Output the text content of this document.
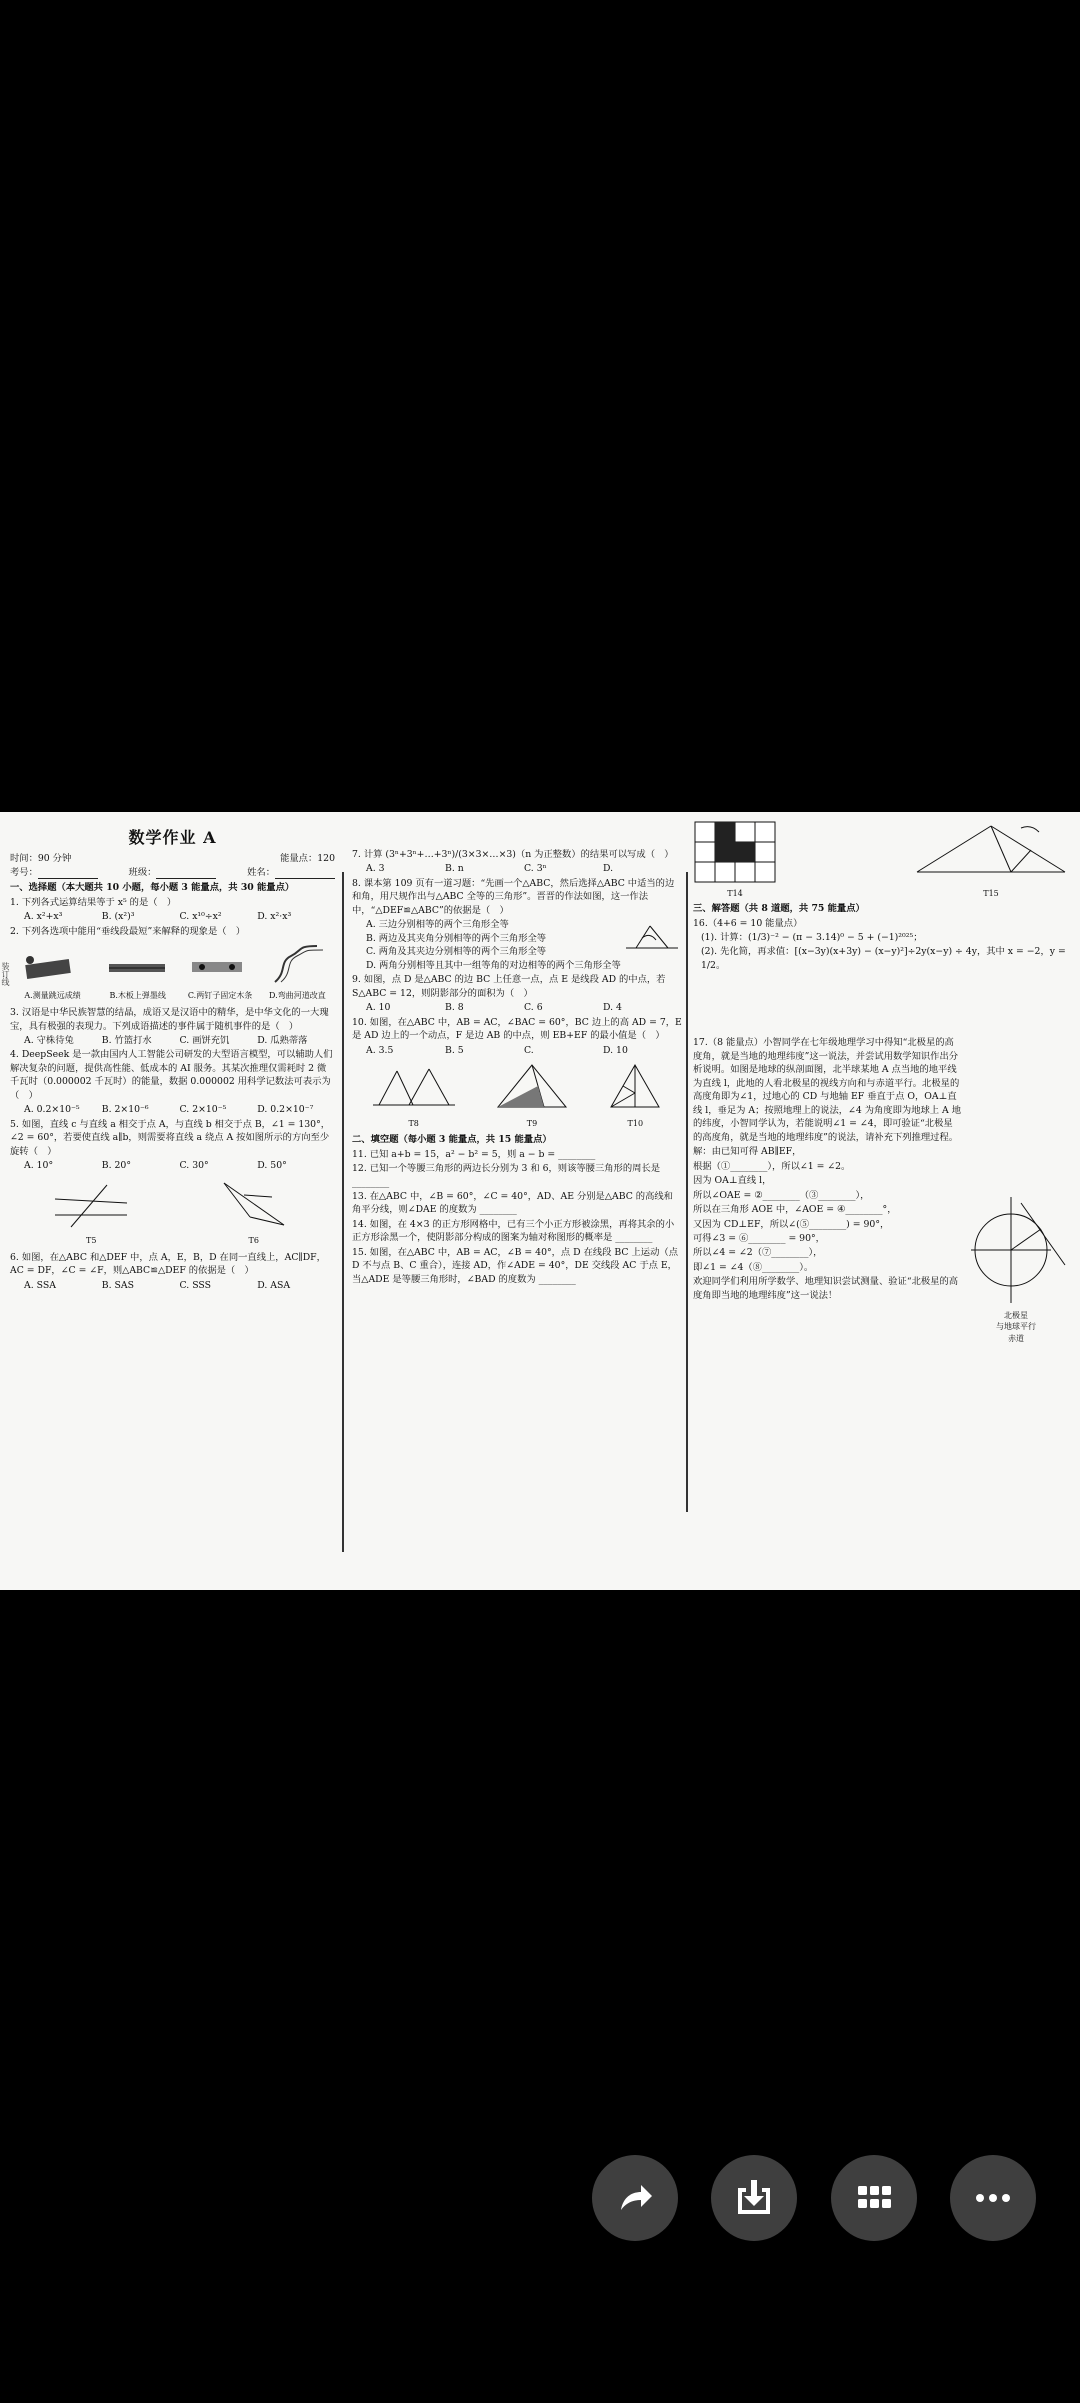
装订线
数学作业 A
时间：90 分钟	能量点：120
考号：	班级：	姓名：
一、选择题（本大题共 10 小题，每小题 3 能量点，共 30 能量点）
1. 下列各式运算结果等于 x⁵ 的是（　）
A. x²+x³	B. (x²)³	C. x¹⁰÷x²	D. x²·x³
2. 下列各选项中能用“垂线段最短”来解释的现象是（　）
A.测量跳远成绩	B.木板上弹墨线	C.两钉子固定木条 D.弯曲河道改直
3. 汉语是中华民族智慧的结晶，成语又是汉语中的精华，是中华文化的一大瑰宝，具有极强的表现力。下列成语描述的事件属于随机事件的是（　）
A. 守株待兔	B. 竹篮打水	C. 画饼充饥	D. 瓜熟蒂落
4. DeepSeek 是一款由国内人工智能公司研发的大型语言模型，可以辅助人们解决复杂的问题，提供高性能、低成本的 AI 服务。其某次推理仅需耗时 2 微千瓦时（0.000002 千瓦时）的能量，数据 0.000002 用科学记数法可表示为（　）
A. 0.2×10⁻⁵	B. 2×10⁻⁶	C. 2×10⁻⁵	D. 0.2×10⁻⁷
5. 如图，直线 c 与直线 a 相交于点 A，与直线 b 相交于点 B，∠1 = 130°，∠2 = 60°，若要使直线 a∥b，则需要将直线 a 绕点 A 按如图所示的方向至少旋转（　）
A. 10°	B. 20°	C. 30°	D. 50°
T5	T6
6. 如图，在△ABC 和△DEF 中，点 A，E，B，D 在同一直线上，AC∥DF，AC = DF，∠C = ∠F，则△ABC≌△DEF 的依据是（　）
A. SSA	B. SAS	C. SSS	D. ASA
7. 计算 (3ⁿ+3ⁿ+…+3ⁿ)/(3×3×…×3)（n 为正整数）的结果可以写成（　）
A. 3	B. n	C. 3ⁿ	D.
8. 课本第 109 页有一道习题：“先画一个△ABC，然后选择△ABC 中适当的边和角，用尺规作出与△ABC 全等的三角形”。晋晋的作法如图，这一作法中，“△DEF≌△ABC”的依据是（　）
A. 三边分别相等的两个三角形全等
B. 两边及其夹角分别相等的两个三角形全等
C. 两角及其夹边分别相等的两个三角形全等
D. 两角分别相等且其中一组等角的对边相等的两个三角形全等
9. 如图，点 D 是△ABC 的边 BC 上任意一点，点 E 是线段 AD 的中点，若 S△ABC = 12，则阴影部分的面积为（　）
A. 10	B. 8	C. 6	D. 4
10. 如图，在△ABC 中，AB = AC，∠BAC = 60°，BC 边上的高 AD = 7，E 是 AD 边上的一个动点，F 是边 AB 的中点，则 EB+EF 的最小值是（　）
A. 3.5	B. 5	C.	D. 10
T8	T9	T10
二、填空题（每小题 3 能量点，共 15 能量点）
11. 已知 a+b = 15，a² − b² = 5，则 a − b = ________
12. 已知一个等腰三角形的两边长分别为 3 和 6，则该等腰三角形的周长是 ________
13. 在△ABC 中，∠B = 60°，∠C = 40°，AD、AE 分别是△ABC 的高线和角平分线，则∠DAE 的度数为 ________
14. 如图，在 4×3 的正方形网格中，已有三个小正方形被涂黑，再将其余的小正方形涂黑一个，使阴影部分构成的图案为轴对称图形的概率是 ________
15. 如图，在△ABC 中，AB = AC，∠B = 40°，点 D 在线段 BC 上运动（点 D 不与点 B、C 重合），连接 AD，作∠ADE = 40°，DE 交线段 AC 于点 E，当△ADE 是等腰三角形时，∠BAD 的度数为 ________
T14	T15
三、解答题（共 8 道题，共 75 能量点）
16.（4+6 = 10 能量点）
(1). 计算：(1/3)⁻² − (π − 3.14)⁰ − 5 + (−1)²⁰²⁵；
(2). 先化简，再求值：[(x−3y)(x+3y) − (x−y)²]÷2y(x−y) ÷ 4y，其中 x = −2，y = 1/2。
17.（8 能量点）小智同学在七年级地理学习中得知“北极星的高度角，就是当地的地理纬度”这一说法，并尝试用数学知识作出分析说明。如图是地球的纵剖面图，北半球某地 A 点当地的地平线为直线 l，此地的人看北极星的视线方向和与赤道平行。北极星的高度角即为∠1，过地心的 CD 与地轴 EF 垂直于点 O，OA⊥直线 l，垂足为 A；按照地理上的说法，∠4 为角度即为地球上 A 地的纬度，小智同学认为，若能说明∠1 = ∠4，即可验证“北极星的高度角，就是当地的地理纬度”的说法，请补充下列推理过程。
解：由已知可得 AB∥EF，
根据（①________），所以∠1 = ∠2。
因为 OA⊥直线 l，
所以∠OAE = ②________（③________），
所以在三角形 AOE 中，∠AOE = ④________°，
又因为 CD⊥EF，所以∠(⑤________) = 90°，
可得∠3 = ⑥________ = 90°，
所以∠4 = ∠2（⑦________），
即∠1 = ∠4（⑧________）。
欢迎同学们利用所学数学、地理知识尝试测量、验证“北极星的高度角即当地的地理纬度”这一说法！
北极星
与地球平行
赤道
